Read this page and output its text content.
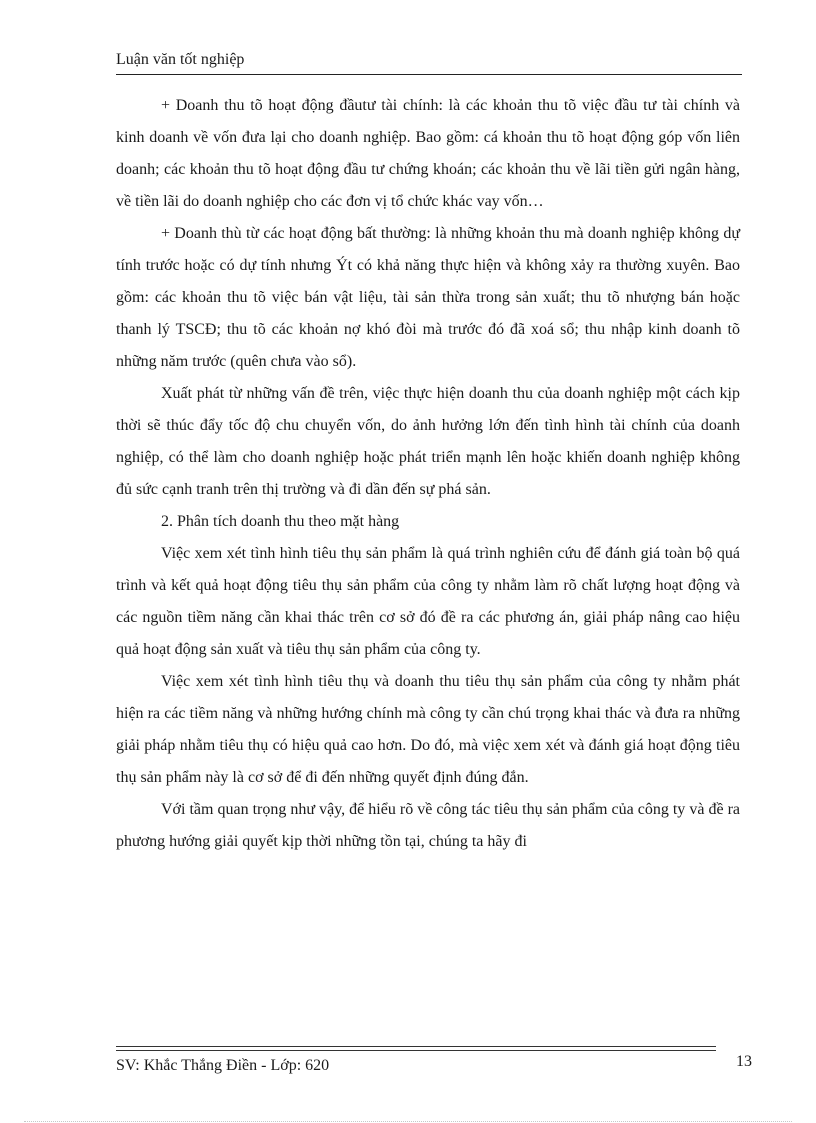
Luận văn tốt nghiệp

+ Doanh thu tõ hoạt động đầutư tài chính: là các khoản thu tõ việc đầu tư tài chính và kinh doanh về vốn đưa lại cho doanh nghiệp. Bao gồm: cá khoản thu tõ hoạt động góp vốn liên doanh; các khoản thu tõ hoạt động đầu tư chứng khoán; các khoản thu về lãi tiền gửi ngân hàng, về tiền lãi do doanh nghiệp cho các đơn vị tổ chức khác vay vốn…

+ Doanh thù từ các hoạt động bất thường: là những khoản thu mà doanh nghiệp không dự tính trước hoặc có dự tính nhưng Ýt có khả năng thực hiện và không xảy ra thường xuyên. Bao gồm: các khoản thu tõ việc bán vật liệu, tài sản thừa trong sản xuất; thu tõ nhượng bán hoặc thanh lý TSCĐ; thu tõ các khoản nợ khó đòi mà trước đó đã xoá sổ; thu nhập kinh doanh tõ những năm trước (quên chưa vào sổ).

Xuất phát từ những vấn đề trên, việc thực hiện doanh thu của doanh nghiệp một cách kịp thời sẽ thúc đẩy tốc độ chu chuyển vốn, do ảnh hưởng lớn đến tình hình tài chính của doanh nghiệp, có thể làm cho doanh nghiệp hoặc phát triển mạnh lên hoặc khiến doanh nghiệp không đủ sức cạnh tranh trên thị trường và đi dần đến sự phá sản.

2. Phân tích doanh thu theo mặt hàng

Việc xem xét tình hình tiêu thụ sản phẩm là quá trình nghiên cứu để đánh giá toàn bộ quá trình và kết quả hoạt động tiêu thụ sản phẩm của công ty nhằm làm rõ chất lượng hoạt động và các nguồn tiềm năng cần khai thác trên cơ sở đó đề ra các phương án, giải pháp nâng cao hiệu quả hoạt động sản xuất và tiêu thụ sản phẩm của công ty.

Việc xem xét tình hình tiêu thụ và doanh thu tiêu thụ sản phẩm của công ty nhằm phát hiện ra các tiềm năng và những hướng chính mà công ty cần chú trọng khai thác và đưa ra những giải pháp nhằm tiêu thụ có hiệu quả cao hơn. Do đó, mà việc xem xét và đánh giá hoạt động tiêu thụ sản phẩm này là cơ sở để đi đến những quyết định đúng đắn.

Với tầm quan trọng như vậy, để hiểu rõ về công tác tiêu thụ sản phẩm của công ty và đề ra phương hướng giải quyết kịp thời những tồn tại, chúng ta hãy đi

SV: Khắc Thắng Điền - Lớp: 620	13
